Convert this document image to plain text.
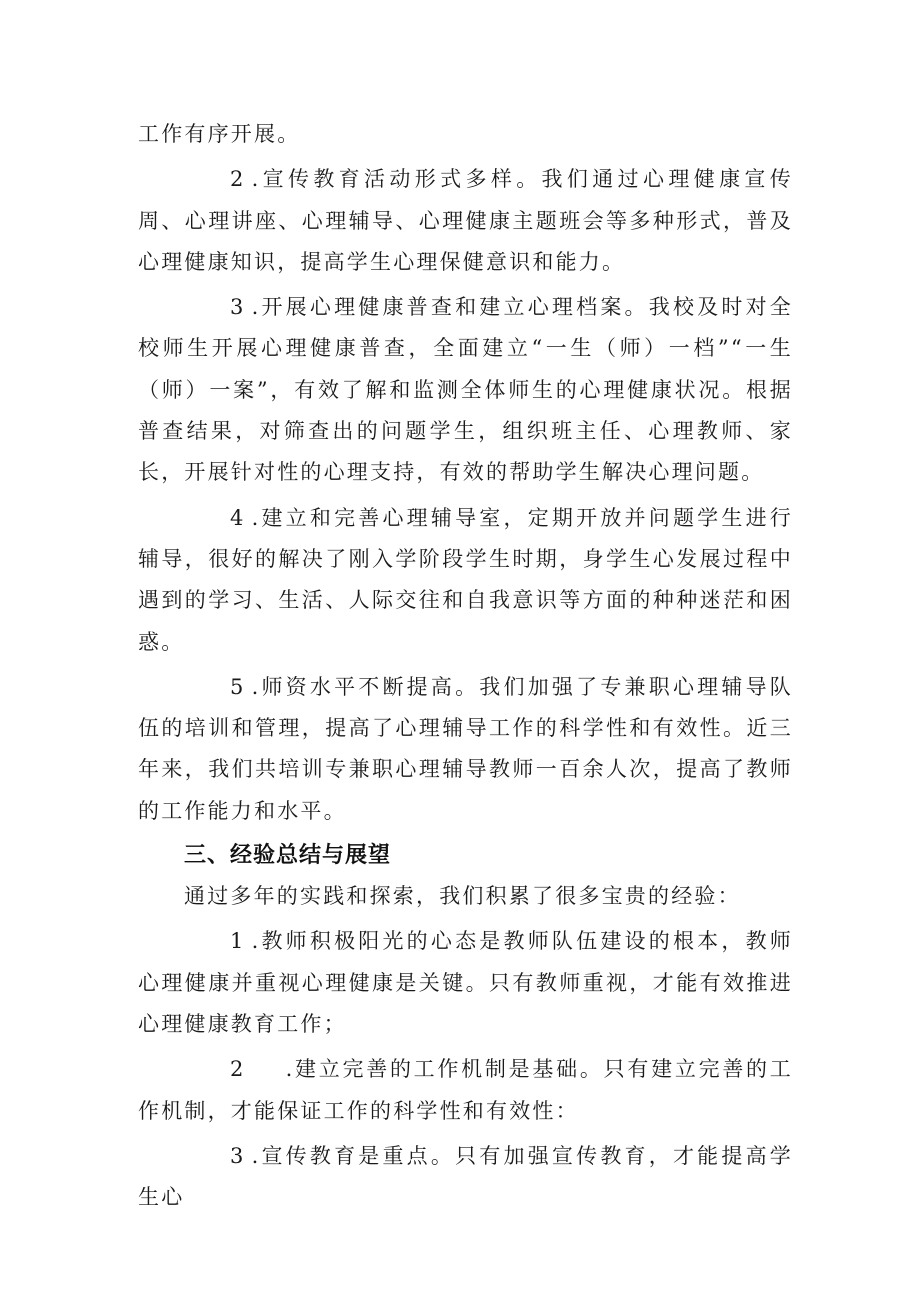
工作有序开展。

2 .宣传教育活动形式多样。我们通过心理健康宣传周、心理讲座、心理辅导、心理健康主题班会等多种形式，普及心理健康知识，提高学生心理保健意识和能力。

3 .开展心理健康普查和建立心理档案。我校及时对全校师生开展心理健康普查，全面建立“一生（师）一档”“一生（师）一案”，有效了解和监测全体师生的心理健康状况。根据普查结果，对筛查出的问题学生，组织班主任、心理教师、家长，开展针对性的心理支持，有效的帮助学生解决心理问题。

4 .建立和完善心理辅导室，定期开放并问题学生进行辅导，很好的解决了刚入学阶段学生时期，身学生心发展过程中遇到的学习、生活、人际交往和自我意识等方面的种种迷茫和困惑。

5 .师资水平不断提高。我们加强了专兼职心理辅导队伍的培训和管理，提高了心理辅导工作的科学性和有效性。近三年来，我们共培训专兼职心理辅导教师一百余人次，提高了教师的工作能力和水平。

三、经验总结与展望

通过多年的实践和探索，我们积累了很多宝贵的经验：

1 .教师积极阳光的心态是教师队伍建设的根本，教师心理健康并重视心理健康是关键。只有教师重视，才能有效推进心理健康教育工作；

2 .建立完善的工作机制是基础。只有建立完善的工作机制，才能保证工作的科学性和有效性：

3 .宣传教育是重点。只有加强宣传教育，才能提高学生心
